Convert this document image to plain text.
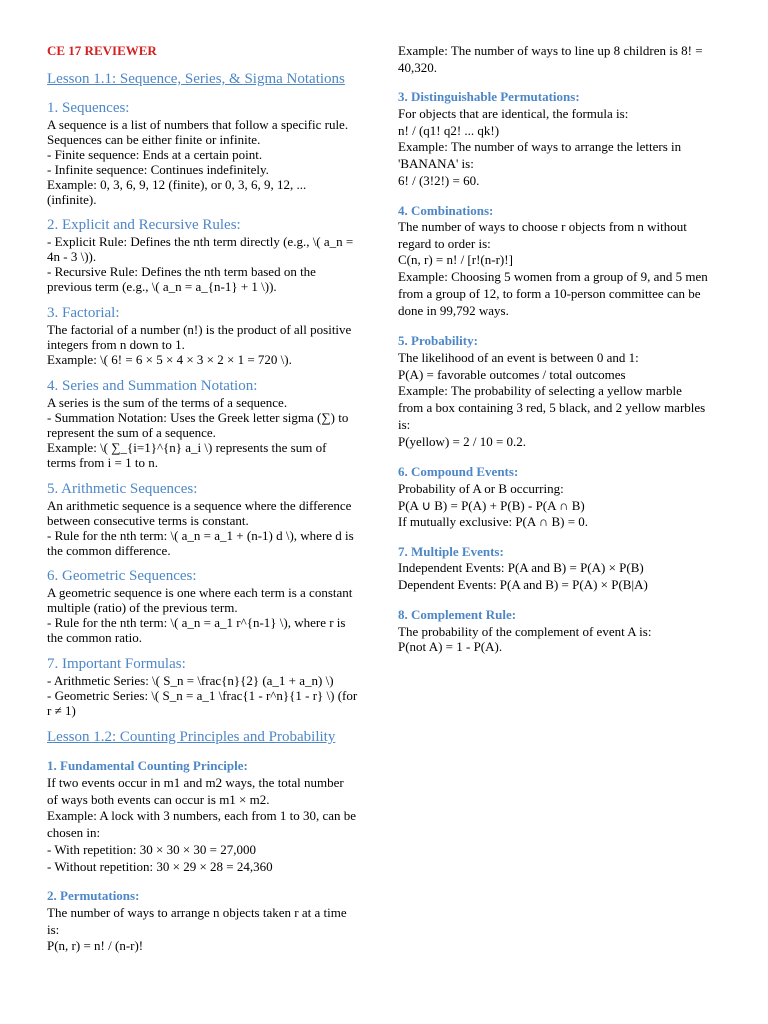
CE 17 REVIEWER
Lesson 1.1: Sequence, Series, & Sigma Notations
1. Sequences:

A sequence is a list of numbers that follow a specific rule.
Sequences can be either finite or infinite.
- Finite sequence: Ends at a certain point.
- Infinite sequence: Continues indefinitely.
Example: 0, 3, 6, 9, 12 (finite), or 0, 3, 6, 9, 12, ...
(infinite).

2. Explicit and Recursive Rules:

- Explicit Rule: Defines the nth term directly (e.g., \( a_n =
4n - 3 \)).
- Recursive Rule: Defines the nth term based on the
previous term (e.g., \( a_n = a_{n-1} + 1 \)).

3. Factorial:

The factorial of a number (n!) is the product of all positive
integers from n down to 1.
Example: \( 6! = 6 × 5 × 4 × 3 × 2 × 1 = 720 \).

4. Series and Summation Notation:

A series is the sum of the terms of a sequence.
- Summation Notation: Uses the Greek letter sigma (∑) to
represent the sum of a sequence.
Example: \( ∑_{i=1}^{n} a_i \) represents the sum of
terms from i = 1 to n.

5. Arithmetic Sequences:

An arithmetic sequence is a sequence where the difference
between consecutive terms is constant.
- Rule for the nth term: \( a_n = a_1 + (n-1) d \), where d is
the common difference.

6. Geometric Sequences:

A geometric sequence is one where each term is a constant
multiple (ratio) of the previous term.
- Rule for the nth term: \( a_n = a_1 r^{n-1} \), where r is
the common ratio.

7. Important Formulas:

- Arithmetic Series: \( S_n = \frac{n}{2} (a_1 + a_n) \)
- Geometric Series: \( S_n = a_1 \frac{1 - r^n}{1 - r} \) (for
r ≠ 1)

Lesson 1.2: Counting Principles and Probability
1. Fundamental Counting Principle:

If two events occur in m1 and m2 ways, the total number
of ways both events can occur is m1 × m2.
Example: A lock with 3 numbers, each from 1 to 30, can be
chosen in:
- With repetition: 30 × 30 × 30 = 27,000
- Without repetition: 30 × 29 × 28 = 24,360

2. Permutations:

The number of ways to arrange n objects taken r at a time
is:
P(n, r) = n! / (n-r)!

Example: The number of ways to line up 8 children is 8! =
40,320.

3. Distinguishable Permutations:

For objects that are identical, the formula is:
n! / (q1! q2! ... qk!)
Example: The number of ways to arrange the letters in
'BANANA' is:
6! / (3!2!) = 60.

4. Combinations:

The number of ways to choose r objects from n without
regard to order is:
C(n, r) = n! / [r!(n-r)!]
Example: Choosing 5 women from a group of 9, and 5 men
from a group of 12, to form a 10-person committee can be
done in 99,792 ways.

5. Probability:

The likelihood of an event is between 0 and 1:
P(A) = favorable outcomes / total outcomes
Example: The probability of selecting a yellow marble
from a box containing 3 red, 5 black, and 2 yellow marbles
is:
P(yellow) = 2 / 10 = 0.2.

6. Compound Events:

Probability of A or B occurring:
P(A ∪ B) = P(A) + P(B) - P(A ∩ B)
If mutually exclusive: P(A ∩ B) = 0.

7. Multiple Events:

Independent Events: P(A and B) = P(A) × P(B)
Dependent Events: P(A and B) = P(A) × P(B|A)

8. Complement Rule:

The probability of the complement of event A is:
P(not A) = 1 - P(A).
